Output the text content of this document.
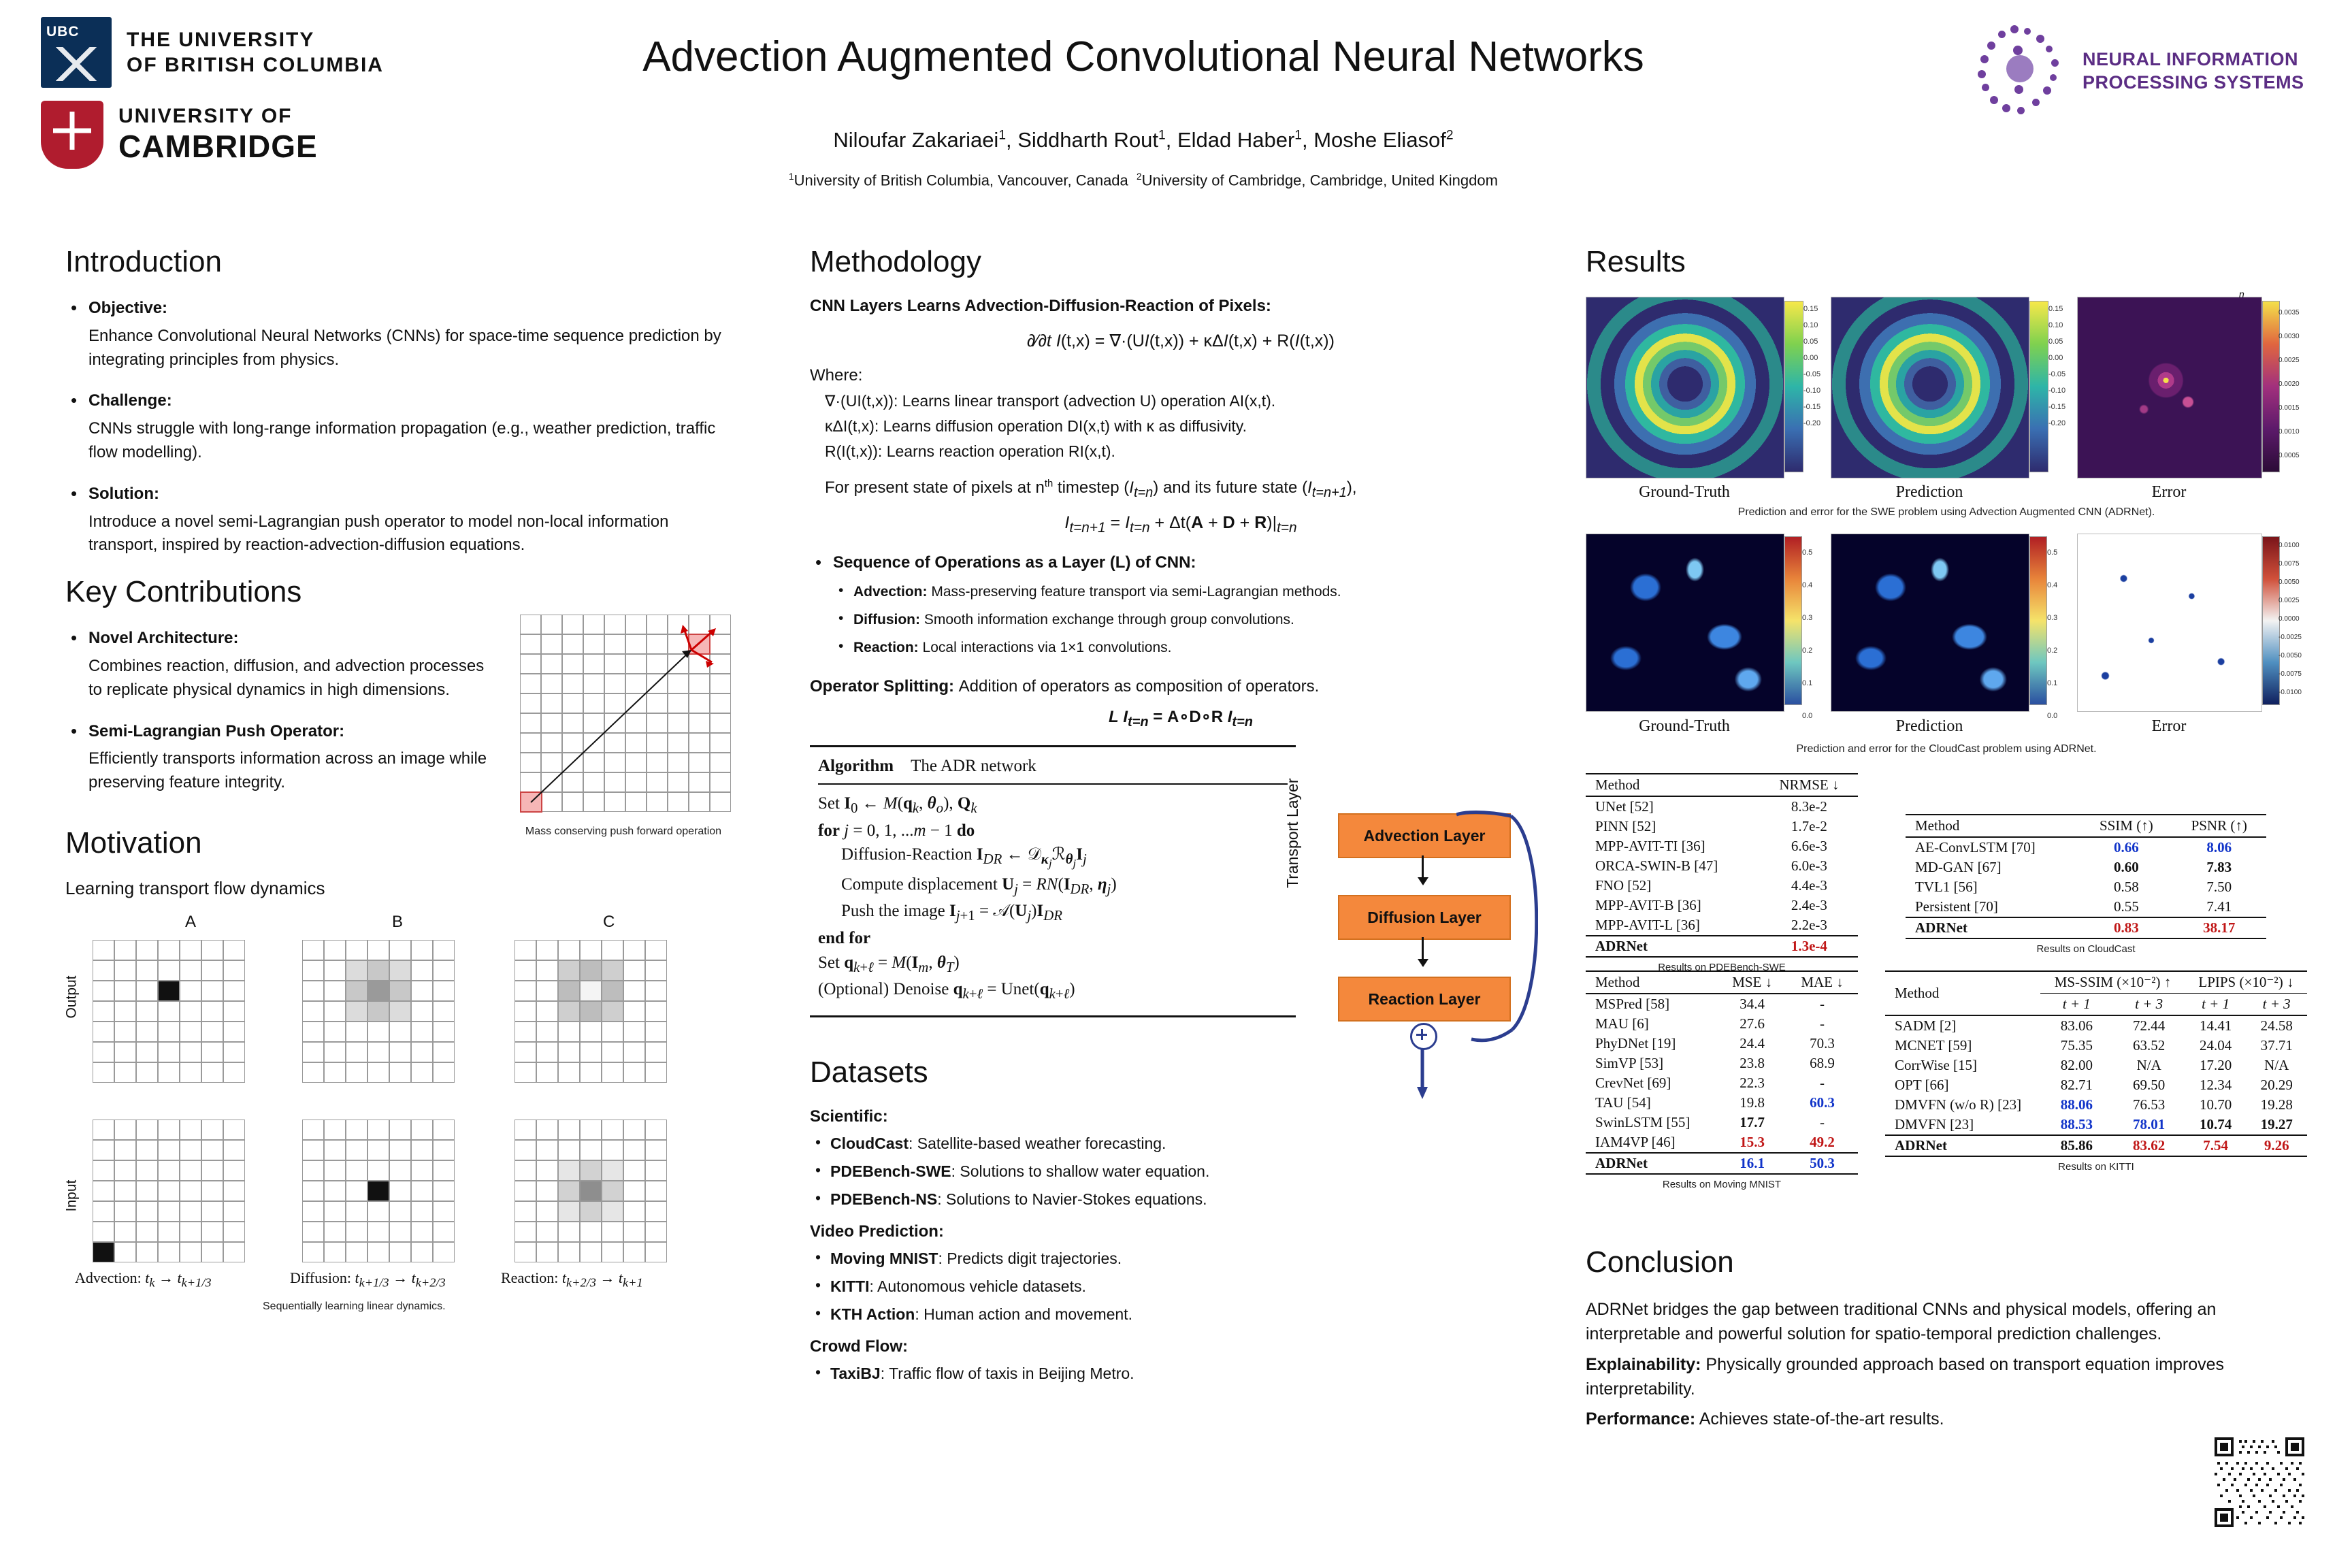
UBC
THE UNIVERSITY
OF BRITISH COLUMBIA
UNIVERSITY OF
CAMBRIDGE
Advection Augmented Convolutional Neural Networks
Niloufar Zakariaei$^1$, Siddharth Rout$^1$, Eldad Haber$^1$, Moshe Eliasof$^2$
$^1$University of British Columbia, Vancouver, Canada  $^2$University of Cambridge, Cambridge, United Kingdom
NEURAL INFORMATION
PROCESSING SYSTEMS
Introduction
• Objective:
Enhance Convolutional Neural Networks (CNNs) for space-time sequence prediction by integrating principles from physics.
• Challenge:
CNNs struggle with long-range information propagation (e.g., weather prediction, traffic flow modelling).
• Solution:
Introduce a novel semi-Lagrangian push operator to model non-local information transport, inspired by reaction-advection-diffusion equations.
Key Contributions
• Novel Architecture:
Combines reaction, diffusion, and advection processes to replicate physical dynamics in high dimensions.
• Semi-Lagrangian Push Operator:
Efficiently transports information across an image while preserving feature integrity.
Mass conserving push forward operation
Motivation
Learning transport flow dynamics
A	B	C
Output
Input
Advection: $t_k \to t_{k+1/3}$	Diffusion: $t_{k+1/3} \to t_{k+2/3}$	Reaction: $t_{k+2/3} \to t_{k+1}$
Sequentially learning linear dynamics.
Methodology
CNN Layers Learns Advection-Diffusion-Reaction of Pixels:
∂⁄∂t I(t,x) = ∇·(UI(t,x)) + κΔI(t,x) + R(I(t,x))
Where:
∇·(UI(t,x)): Learns linear transport (advection U) operation AI(x,t).
κΔI(t,x): Learns diffusion operation DI(x,t) with κ as diffusivity.
R(I(t,x)): Learns reaction operation RI(x,t).
For present state of pixels at $n^{th}$ timestep $(I_{t=n})$ and its future state $(I_{t=n+1})$,
$I_{t=n+1} = I_{t=n} + \Delta t(A + D + R)|_{t=n}$
• Sequence of Operations as a Layer (L) of CNN:
• Advection: Mass-preserving feature transport via semi-Lagrangian methods.
• Diffusion: Smooth information exchange through group convolutions.
• Reaction: Local interactions via 1×1 convolutions.
Operator Splitting: Addition of operators as composition of operators.
L $I_{t=n}$ = A∘D∘R $I_{t=n}$
Algorithm The ADR network
Set $I_0$ ← $M(q_k$, $\theta_o$), $Q_k$
for j = 0, 1, ...m − 1 do
Diffusion-Reaction $I_{DR}$ ← $𝒟_{\kappa_j}ℛ_{\theta_j}I_j$
Compute displacement $U_j = RN(I_{DR}$, $\eta_j$)
Push the image $I_{j+1}$ = $𝒜(U_j)I_{DR}$
end for
Set $q_{k+\ell} = M(I_m$, $\theta_T$)
(Optional) Denoise $q_{k+\ell}$ = $Unet(q_{k+\ell})$
Datasets
Scientific:
• CloudCast: Satellite-based weather forecasting.
• PDEBench-SWE: Solutions to shallow water equation.
• PDEBench-NS: Solutions to Navier-Stokes equations.
Video Prediction:
• Moving MNIST: Predicts digit trajectories.
• KITTI: Autonomous vehicle datasets.
• KTH Action: Human action and movement.
Crowd Flow:
• TaxiBJ: Traffic flow of taxis in Beijing Metro.
Transport Layer	Advection Layer
Diffusion Layer
Reaction Layer
Results
0.15
0.10
0.05
0.00
-0.05
-0.10
-0.15
-0.20
0.15
0.10
0.05
0.00
-0.05
-0.10
-0.15
-0.20
0.0035
0.0030
0.0025
0.0020
0.0015
0.0010
0.0005
n
Ground-Truth	Prediction	Error
Prediction and error for the SWE problem using Advection Augmented CNN (ADRNet).
0.5
0.4
0.3
0.2
0.1
0.0
0.5
0.4
0.3
0.2
0.1
0.0
0.0100
0.0075
0.0050
0.0025
0.0000
-0.0025
-0.0050
-0.0075
-0.0100
Ground-Truth	Prediction	Error
Prediction and error for the CloudCast problem using ADRNet.
Method	NRMSE ↓
UNet [52]	8.3e-2
PINN [52]	1.7e-2
MPP-AVIT-TI [36]	6.6e-3
ORCA-SWIN-B [47]	6.0e-3
FNO [52]	4.4e-3
MPP-AVIT-B [36]	2.4e-3
MPP-AVIT-L [36]	2.2e-3
ADRNet	1.3e-4
Results on PDEBench-SWE
Method	SSIM (↑)	PSNR (↑)
AE-ConvLSTM [70]	0.66	8.06
MD-GAN [67]	0.60	7.83
TVL1 [56]	0.58	7.50
Persistent [70]	0.55	7.41
ADRNet	0.83	38.17
Results on CloudCast
Method	MSE ↓	MAE ↓
MSPred [58]	34.4	-
MAU [6]	27.6	-
PhyDNet [19]	24.4	70.3
SimVP [53]	23.8	68.9
CrevNet [69]	22.3	-
TAU [54]	19.8	60.3
SwinLSTM [55]	17.7	-
IAM4VP [46]	15.3	49.2
ADRNet	16.1	50.3
Results on Moving MNIST
Method	MS-SSIM (×10⁻²) ↑		LPIPS (×10⁻²) ↓	
	t + 1	t + 3	t + 1	t + 3
SADM [2]	83.06	72.44	14.41	24.58
MCNET [59]	75.35	63.52	24.04	37.71
CorrWise [15]	82.00	N/A	17.20	N/A
OPT [66]	82.71	69.50	12.34	20.29
DMVFN (w/o R) [23]	88.06	76.53	10.70	19.28
DMVFN [23]	88.53	78.01	10.74	19.27
ADRNet	85.86	83.62	7.54	9.26
Results on KITTI
Conclusion

ADRNet bridges the gap between traditional CNNs and physical models, offering an interpretable and powerful solution for spatio-temporal prediction challenges.

Explainability: Physically grounded approach based on transport equation improves interpretability.

Performance: Achieves state-of-the-art results.
